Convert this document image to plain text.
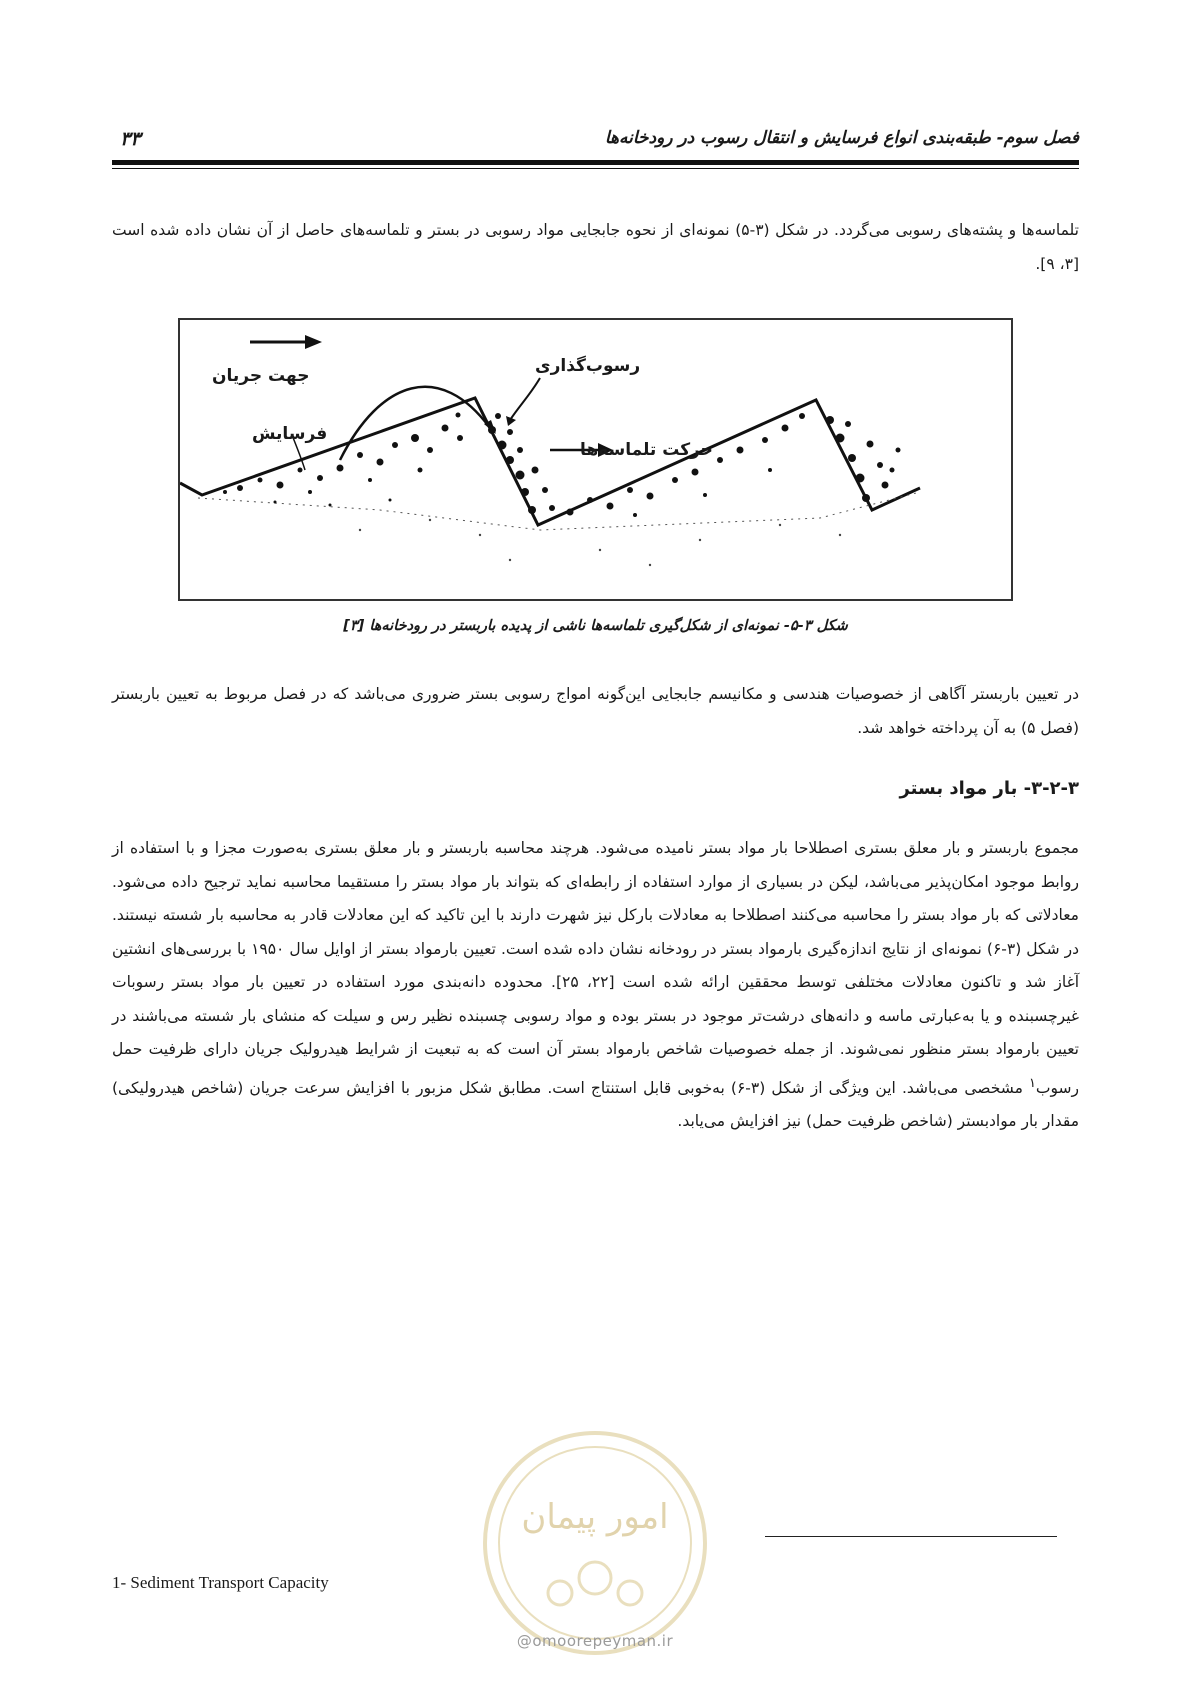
فصل سوم- طبقه‌بندی انواع فرسایش و انتقال رسوب در رودخانه‌ها
۳۳

تلماسه‌ها و پشته‌های رسوبی می‌گردد. در شکل (۳-۵) نمونه‌ای از نحوه جابجایی مواد رسوبی در بستر و تلماسه‌های حاصل از آن نشان داده شده است [۳، ۹].

جهت جریان	رسوب‌گذاری
فرسایش
حرکت تلماسه‌ها
شکل ۳-۵- نمونه‌ای از شکل‌گیری تلماسه‌ها ناشی از پدیده باربستر در رودخانه‌ها [۳]

در تعیین باربستر آگاهی از خصوصیات هندسی و مکانیسم جابجایی این‌گونه امواج رسوبی بستر ضروری می‌باشد که در فصل مربوط به تعیین باربستر (فصل ۵) به آن پرداخته خواهد شد.

۳-۲-۳- بار مواد بستر

مجموع باربستر و بار معلق بستری اصطلاحا بار مواد بستر نامیده می‌شود. هرچند محاسبه باربستر و بار معلق بستری به‌صورت مجزا و با استفاده از روابط موجود امکان‌پذیر می‌باشد، لیکن در بسیاری از موارد استفاده از رابطه‌ای که بتواند بار مواد بستر را مستقیما محاسبه نماید ترجیح داده می‌شود. معادلاتی که بار مواد بستر را محاسبه می‌کنند اصطلاحا به معادلات بارکل نیز شهرت دارند با این تاکید که این معادلات قادر به محاسبه بار شسته نیستند. در شکل (۳-۶) نمونه‌ای از نتایج اندازه‌گیری بارمواد بستر در رودخانه نشان داده شده است. تعیین بارمواد بستر از اوایل سال ۱۹۵۰ با بررسی‌های انشتین آغاز شد و تاکنون معادلات مختلفی توسط محققین ارائه شده است [۲۲، ۲۵]. محدوده دانه‌بندی مورد استفاده در تعیین بار مواد بستر رسوبات غیرچسبنده و یا به‌عبارتی ماسه و دانه‌های درشت‌تر موجود در بستر بوده و مواد رسوبی چسبنده نظیر رس و سیلت که منشای بار شسته می‌باشند در تعیین بارمواد بستر منظور نمی‌شوند. از جمله خصوصیات شاخص بارمواد بستر آن است که به تبعیت از شرایط هیدرولیک جریان دارای ظرفیت حمل رسوب$^۱$ مشخصی می‌باشد. این ویژگی از شکل (۳-۶) به‌خوبی قابل استنتاج است. مطابق شکل مزبور با افزایش سرعت جریان (شاخص هیدرولیکی) مقدار بار موادبستر (شاخص ظرفیت حمل) نیز افزایش می‌یابد.

امور پیمان
@omoorepeyman.ir
1- Sediment Transport Capacity
